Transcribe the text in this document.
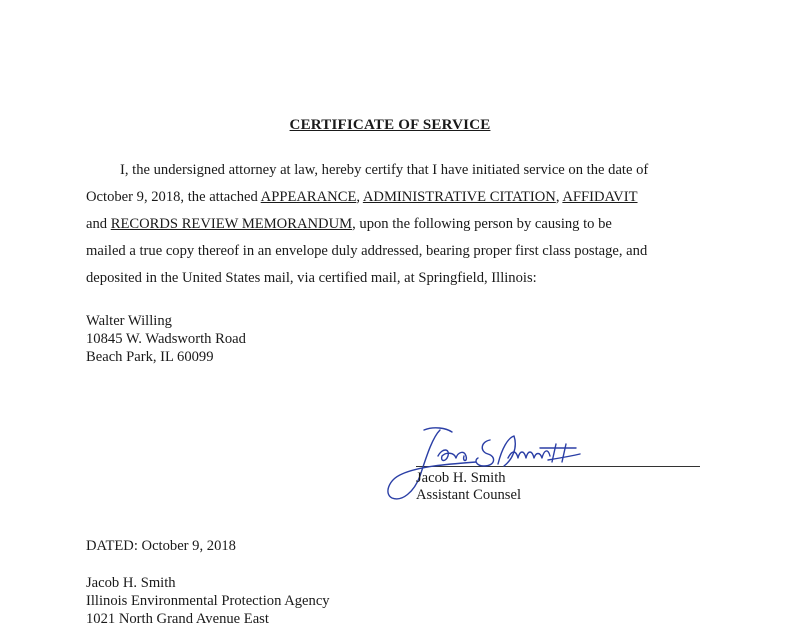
CERTIFICATE OF SERVICE
I, the undersigned attorney at law, hereby certify that I have initiated service on the date of
October 9, 2018, the attached APPEARANCE, ADMINISTRATIVE CITATION, AFFIDAVIT
and RECORDS REVIEW MEMORANDUM, upon the following person by causing to be
mailed a true copy thereof in an envelope duly addressed, bearing proper first class postage, and
deposited in the United States mail, via certified mail, at Springfield, Illinois:
Walter Willing
10845 W. Wadsworth Road
Beach Park, IL 60099
Jacob H. Smith
Assistant Counsel
DATED: October 9, 2018
Jacob H. Smith
Illinois Environmental Protection Agency
1021 North Grand Avenue East
